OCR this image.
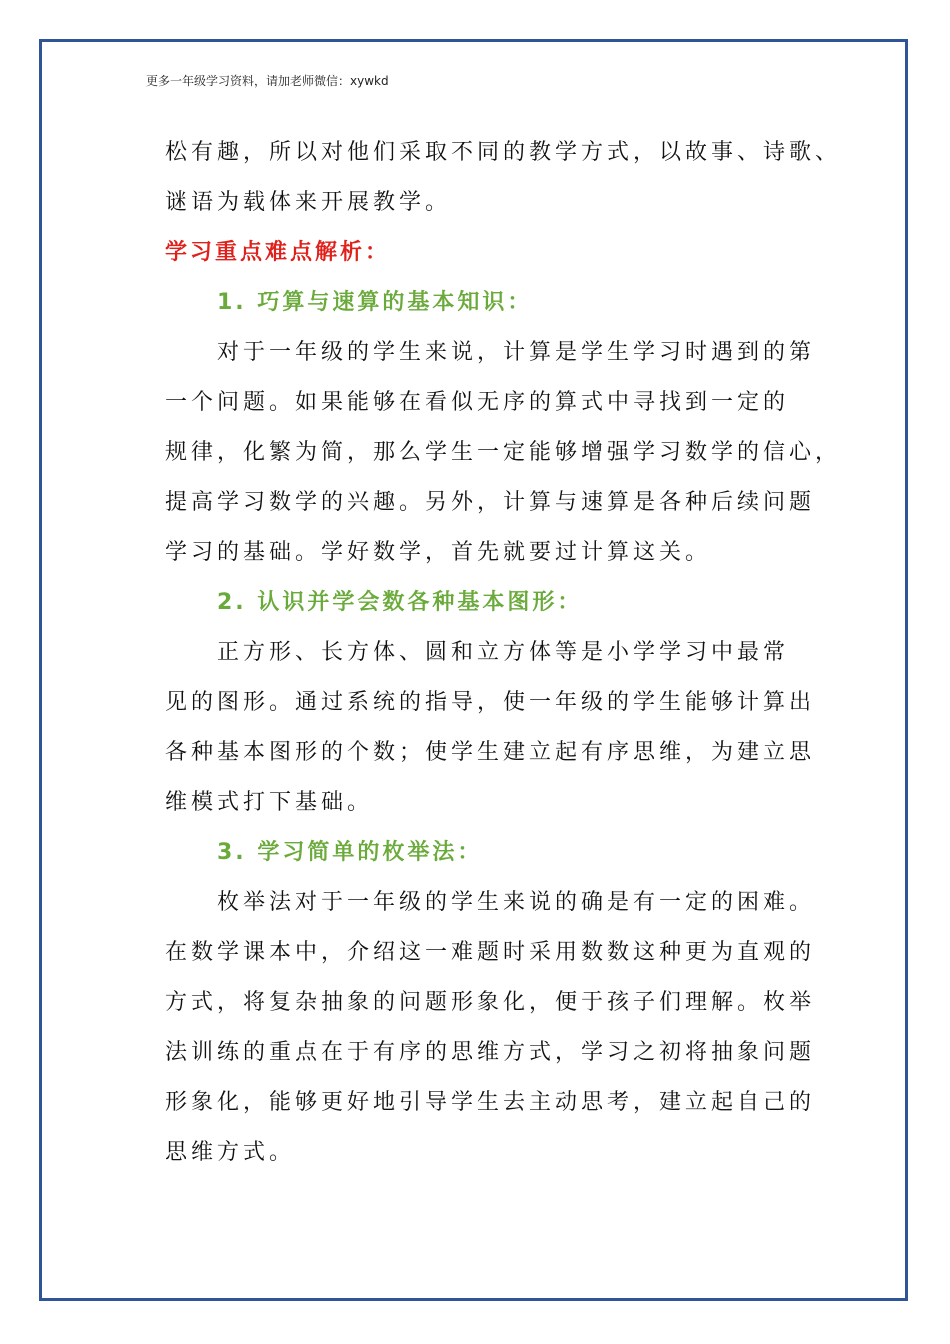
更多一年级学习资料，请加老师微信：xywkd
松有趣，所以对他们采取不同的教学方式，以故事、诗歌、
谜语为载体来开展教学。
学习重点难点解析：
1. 巧算与速算的基本知识：
对于一年级的学生来说，计算是学生学习时遇到的第
一个问题。如果能够在看似无序的算式中寻找到一定的
规律，化繁为简，那么学生一定能够增强学习数学的信心，
提高学习数学的兴趣。另外，计算与速算是各种后续问题
学习的基础。学好数学，首先就要过计算这关。
2. 认识并学会数各种基本图形：
正方形、长方体、圆和立方体等是小学学习中最常
见的图形。通过系统的指导，使一年级的学生能够计算出
各种基本图形的个数；使学生建立起有序思维，为建立思
维模式打下基础。
3. 学习简单的枚举法：
枚举法对于一年级的学生来说的确是有一定的困难。
在数学课本中，介绍这一难题时采用数数这种更为直观的
方式，将复杂抽象的问题形象化，便于孩子们理解。枚举
法训练的重点在于有序的思维方式，学习之初将抽象问题
形象化，能够更好地引导学生去主动思考，建立起自己的
思维方式。
